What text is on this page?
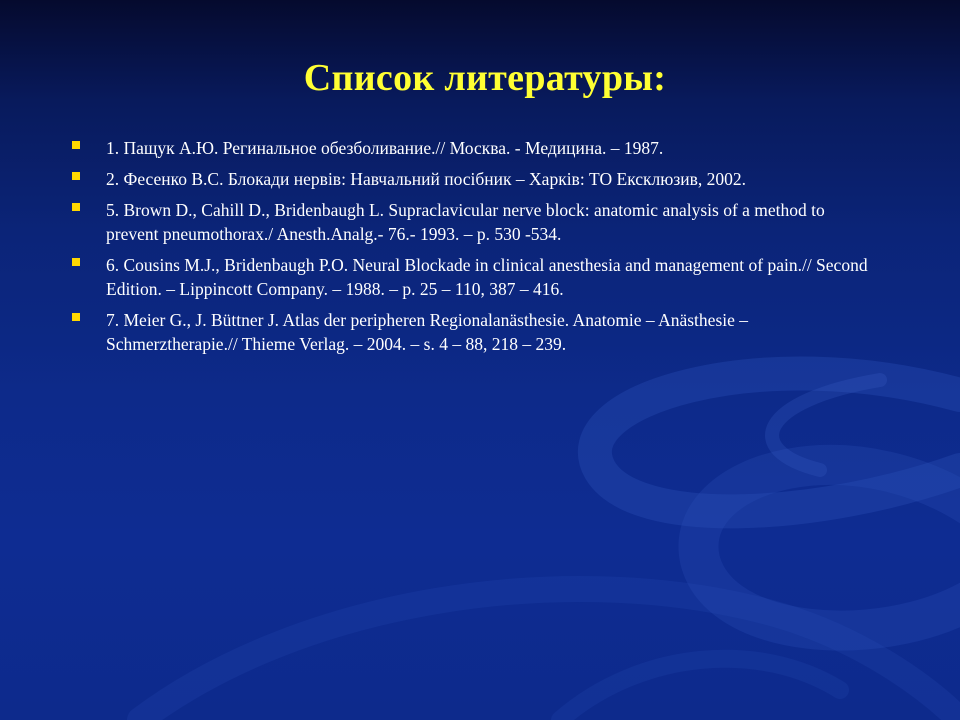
Список литературы:
1. Пащук А.Ю. Регинальное обезболивание.// Москва. - Медицина. – 1987.
2. Фесенко В.С. Блокади нервів: Навчальний посібник – Харків: ТО Ексклюзив, 2002.
5. Brown D., Cahill D., Bridenbaugh L. Supraclavicular nerve block: anatomic analysis of a method to prevent pneumothorax./ Anesth.Analg.- 76.- 1993. – p. 530 -534.
6. Cousins M.J., Bridenbaugh P.O. Neural Blockade in clinical anesthesia and management of pain.// Second Edition. – Lippincott Company. – 1988. – p. 25 – 110, 387 – 416.
7. Meier G., J. Büttner J. Atlas der peripheren Regionalanästhesie. Anatomie – Anästhesie – Schmerztherapie.// Thieme Verlag. – 2004. – s. 4 – 88, 218 – 239.
